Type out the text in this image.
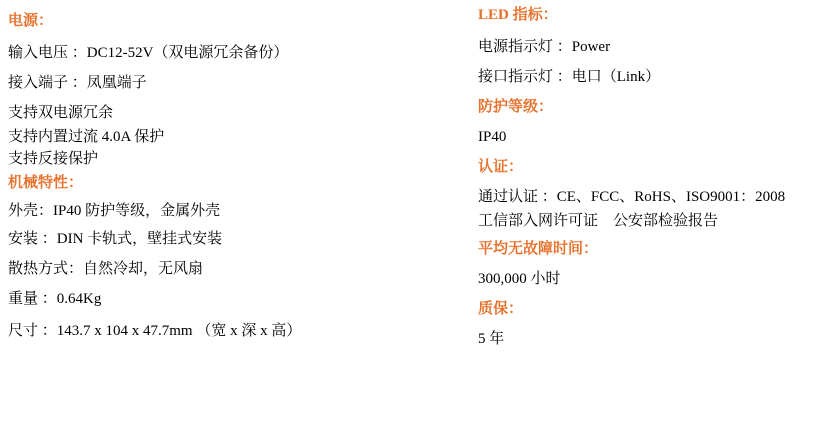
电源：
输入电压 ：DC12-52V（双电源冗余备份）
接入端子 ：凤凰端子
支持双电源冗余
支持内置过流 4.0A 保护
支持反接保护
机械特性：
外壳：IP40 防护等级，金属外壳
安装 ：DIN 卡轨式，壁挂式安装
散热方式：自然冷却，无风扇
重量 ：0.64Kg
尺寸 ：143.7 x 104 x 47.7mm （宽 x 深 x 高）
LED 指标：
电源指示灯 ：Power
接口指示灯 ：电口（Link）
防护等级：
IP40
认证：
通过认证 ：CE、FCC、RoHS、ISO9001：2008
工信部入网许可证　公安部检验报告
平均无故障时间：
300,000 小时
质保：
5 年
